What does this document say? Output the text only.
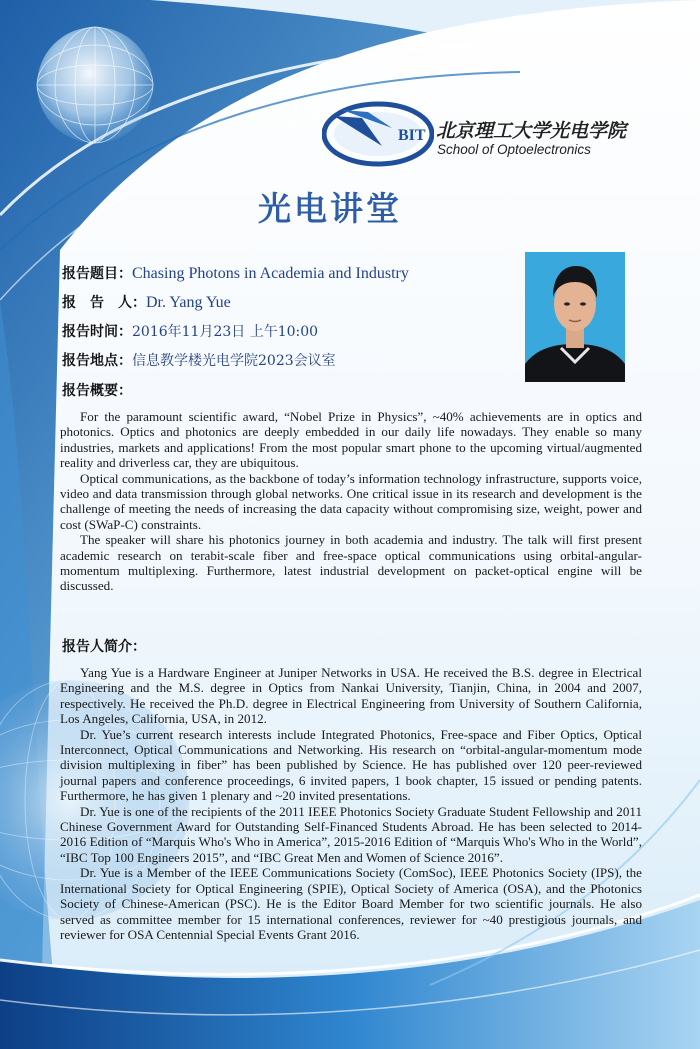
BIT 北京理工大学光电学院
School of Optoelectronics
光电讲堂
报告题目：Chasing Photons in Academia and Industry
报　告　人：Dr. Yang Yue
报告时间：2016年11月23日 上午10:00
报告地点：信息教学楼光电学院2023会议室
报告概要：

For the paramount scientific award, “Nobel Prize in Physics”, ~40% achievements are in optics and photonics. Optics and photonics are deeply embedded in our daily life nowadays. They enable so many industries, markets and applications! From the most popular smart phone to the upcoming virtual/augmented reality and driverless car, they are ubiquitous.

Optical communications, as the backbone of today’s information technology infrastructure, supports voice, video and data transmission through global networks. One critical issue in its research and development is the challenge of meeting the needs of increasing the data capacity without compromising size, weight, power and cost (SWaP-C) constraints.

The speaker will share his photonics journey in both academia and industry. The talk will first present academic research on terabit-scale fiber and free-space optical communications using orbital-angular-momentum multiplexing. Furthermore, latest industrial development on packet-optical engine will be discussed.

报告人简介：

Yang Yue is a Hardware Engineer at Juniper Networks in USA. He received the B.S. degree in Electrical Engineering and the M.S. degree in Optics from Nankai University, Tianjin, China, in 2004 and 2007, respectively. He received the Ph.D. degree in Electrical Engineering from University of Southern California, Los Angeles, California, USA, in 2012.

Dr. Yue’s current research interests include Integrated Photonics, Free-space and Fiber Optics, Optical Interconnect, Optical Communications and Networking. His research on “orbital-angular-momentum mode division multiplexing in fiber” has been published by Science. He has published over 120 peer-reviewed journal papers and conference proceedings, 6 invited papers, 1 book chapter, 15 issued or pending patents. Furthermore, he has given 1 plenary and ~20 invited presentations.

Dr. Yue is one of the recipients of the 2011 IEEE Photonics Society Graduate Student Fellowship and 2011 Chinese Government Award for Outstanding Self-Financed Students Abroad. He has been selected to 2014-2016 Edition of “Marquis Who's Who in America”, 2015-2016 Edition of “Marquis Who's Who in the World”, “IBC Top 100 Engineers 2015”, and “IBC Great Men and Women of Science 2016”.

Dr. Yue is a Member of the IEEE Communications Society (ComSoc), IEEE Photonics Society (IPS), the International Society for Optical Engineering (SPIE), Optical Society of America (OSA), and the Photonics Society of Chinese-American (PSC). He is the Editor Board Member for two scientific journals. He also served as committee member for 15 international conferences, reviewer for ~40 prestigious journals, and reviewer for OSA Centennial Special Events Grant 2016.
